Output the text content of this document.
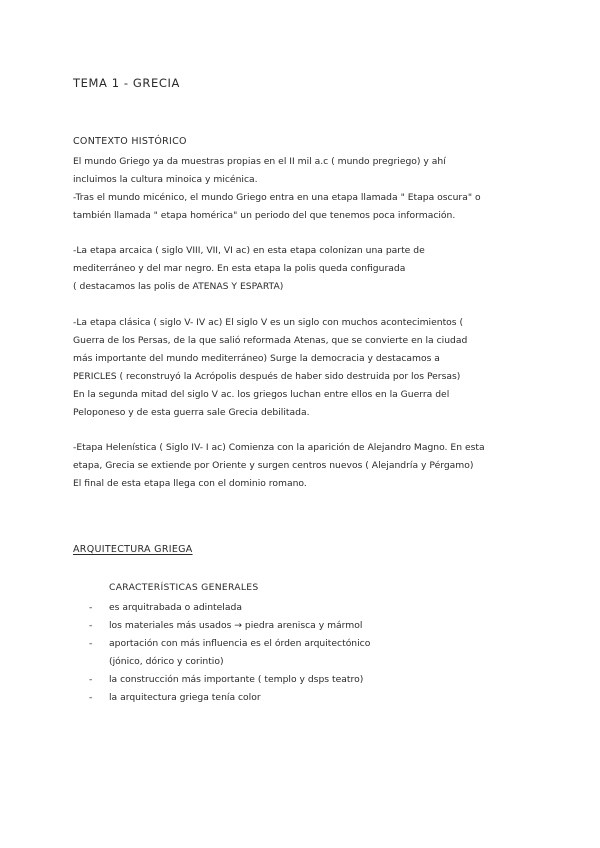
TEMA 1 - GRECIA
CONTEXTO HISTÓRICO
El mundo Griego ya da muestras propias en el II mil a.c ( mundo pregriego) y ahí
incluimos la cultura minoica y micénica.
-Tras el mundo micénico, el mundo Griego entra en una etapa llamada " Etapa oscura" o
también llamada " etapa homérica" un periodo del que tenemos poca información.
-La etapa arcaica ( siglo VIII, VII, VI ac) en esta etapa colonizan una parte de
mediterráneo y del mar negro. En esta etapa la polis queda configurada
( destacamos las polis de ATENAS Y ESPARTA)
-La etapa clásica ( siglo V- IV ac) El siglo V es un siglo con muchos acontecimientos (
Guerra de los Persas, de la que salió reformada Atenas, que se convierte en la ciudad
más importante del mundo mediterráneo) Surge la democracia y destacamos a
PERICLES ( reconstruyó la Acrópolis después de haber sido destruida por los Persas)
En la segunda mitad del siglo V ac. los griegos luchan entre ellos en la Guerra del
Peloponeso y de esta guerra sale Grecia debilitada.
-Etapa Helenística ( Siglo IV- I ac) Comienza con la aparición de Alejandro Magno. En esta
etapa, Grecia se extiende por Oriente y surgen centros nuevos ( Alejandría y Pérgamo)
El final de esta etapa llega con el dominio romano.
ARQUITECTURA GRIEGA
CARACTERÍSTICAS GENERALES
-	es arquitrabada o adintelada
-	los materiales más usados → piedra arenisca y mármol
-	aportación con más influencia es el órden arquitectónico
(jónico, dórico y corintio)
-	la construcción más importante ( templo y dsps teatro)
-	la arquitectura griega tenía color
